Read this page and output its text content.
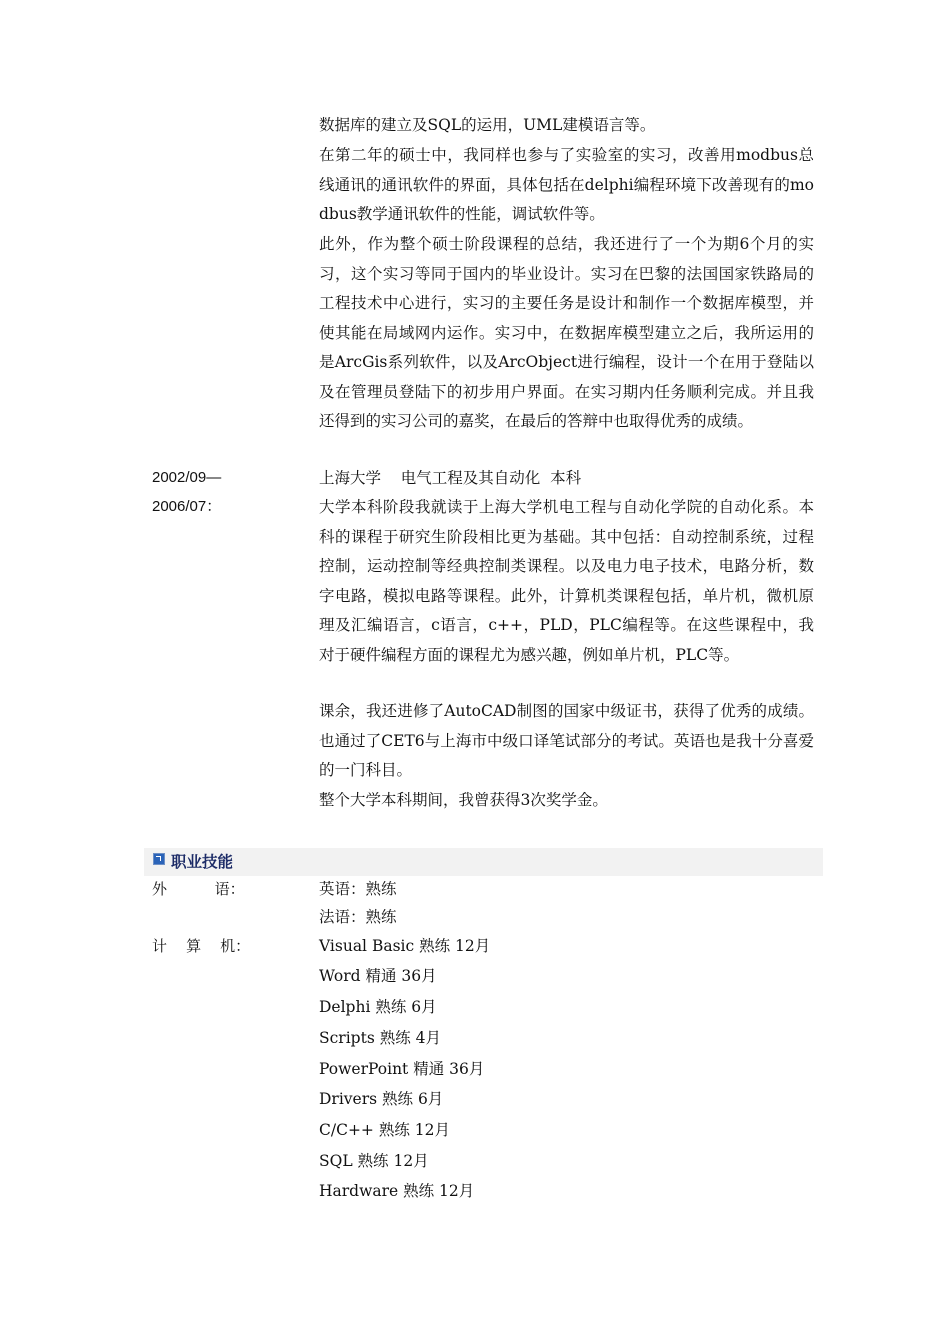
数据库的建立及SQL的运用，UML建模语言等。
在第二年的硕士中，我同样也参与了实验室的实习，改善用modbus总线通讯的通讯软件的界面，具体包括在delphi编程环境下改善现有的modbus教学通讯软件的性能，调试软件等。
此外，作为整个硕士阶段课程的总结，我还进行了一个为期6个月的实习，这个实习等同于国内的毕业设计。实习在巴黎的法国国家铁路局的工程技术中心进行，实习的主要任务是设计和制作一个数据库模型，并使其能在局域网内运作。实习中，在数据库模型建立之后，我所运用的是ArcGis系列软件，以及ArcObject进行编程，设计一个在用于登陆以及在管理员登陆下的初步用户界面。在实习期内任务顺利完成。并且我还得到的实习公司的嘉奖，在最后的答辩中也取得优秀的成绩。
2002/09—
2006/07：
上海大学    电气工程及其自动化  本科
大学本科阶段我就读于上海大学机电工程与自动化学院的自动化系。本科的课程于研究生阶段相比更为基础。其中包括：自动控制系统，过程控制，运动控制等经典控制类课程。以及电力电子技术，电路分析，数字电路，模拟电路等课程。此外，计算机类课程包括，单片机，微机原理及汇编语言，c语言，c++，PLD，PLC编程等。在这些课程中，我对于硬件编程方面的课程尤为感兴趣，例如单片机，PLC等。
课余，我还进修了AutoCAD制图的国家中级证书，获得了优秀的成绩。也通过了CET6与上海市中级口译笔试部分的考试。英语也是我十分喜爱的一门科目。
整个大学本科期间，我曾获得3次奖学金。
职业技能
外          语：	英语：熟练
法语：熟练
计    算    机：	Visual Basic 熟练 12月
Word 精通 36月
Delphi 熟练 6月
Scripts 熟练 4月
PowerPoint 精通 36月
Drivers 熟练 6月
C/C++ 熟练 12月
SQL 熟练 12月
Hardware 熟练 12月
